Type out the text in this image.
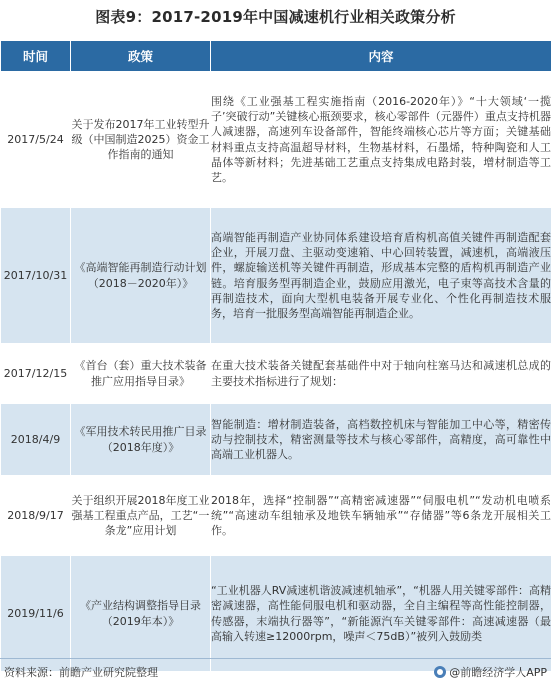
图表9：2017-2019年中国减速机行业相关政策分析
时间	政策	内容
2017/5/24	关于发布2017年工业转型升级（中国制造2025）资金工作指南的通知	围绕《工业强基工程实施指南（2016-2020年）》“十大领域‘一揽子’突破行动”关键核心瓶颈要求，核心零部件（元器件）重点支持机器人减速器，高速列车设备部件，智能终端核心芯片等方面；关键基础材料重点支持高温超导材料，生物基材料，石墨烯，特种陶瓷和人工晶体等新材料；先进基础工艺重点支持集成电路封装，增材制造等工艺。

2017/10/31	《高端智能再制造行动计划（2018－2020年）》	高端智能再制造产业协同体系建设培育盾构机高值关键件再制造配套企业，开展刀盘、主驱动变速箱、中心回转装置，减速机，高端液压件，螺旋输送机等关键件再制造，形成基本完整的盾构机再制造产业链。培育服务型再制造企业，鼓励应用激光，电子束等高技术含量的再制造技术，面向大型机电装备开展专业化、个性化再制造技术服务，培育一批服务型高端智能再制造企业。

2017/12/15	《首台（套）重大技术装备推广应用指导目录》	在重大技术装备关键配套基础件中对于轴向柱塞马达和减速机总成的主要技术指标进行了规划：

2018/4/9	《军用技术转民用推广目录（2018年度）》	智能制造：增材制造装备，高档数控机床与智能加工中心等，精密传动与控制技术，精密测量等技术与核心零部件，高精度，高可靠性中高端工业机器人。

2018/9/17	关于组织开展2018年度工业强基工程重点产品，工艺“一条龙”应用计划	2018年，选择“控制器”“高精密减速器”“伺服电机”“发动机电喷系统”“高速动车组轴承及地铁车辆轴承”“存储器”等6条龙开展相关工作。

2019/11/6	《产业结构调整指导目录（2019年本）》	“工业机器人RV减速机谐波减速机轴承”，“机器人用关键零部件：高精密减速器，高性能伺服电机和驱动器，全自主编程等高性能控制器，传感器，末端执行器等”，“新能源汽车关键零部件：高速减速器（最高输入转速≥12000rpm，噪声＜75dB）”被列入鼓励类
资料来源：前瞻产业研究院整理	@前瞻经济学人APP
